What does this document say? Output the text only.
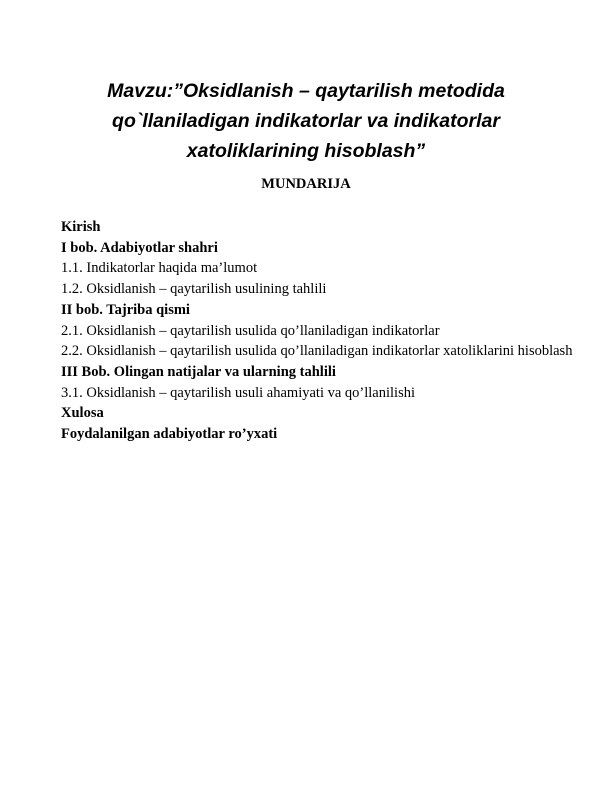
Mavzu:”Oksidlanish – qaytarilish metodida
qo`llaniladigan indikatorlar va indikatorlar
xatoliklarining hisoblash”
MUNDARIJA
Kirish
I bob. Adabiyotlar shahri
1.1. Indikatorlar haqida ma’lumot
1.2. Oksidlanish – qaytarilish usulining tahlili
II bob. Tajriba qismi
2.1. Oksidlanish – qaytarilish usulida qo’llaniladigan indikatorlar
2.2. Oksidlanish – qaytarilish usulida qo’llaniladigan indikatorlar xatoliklarini hisoblash
III Bob. Olingan natijalar va ularning tahlili
3.1. Oksidlanish – qaytarilish usuli ahamiyati va qo’llanilishi
Xulosa
Foydalanilgan adabiyotlar ro’yxati
